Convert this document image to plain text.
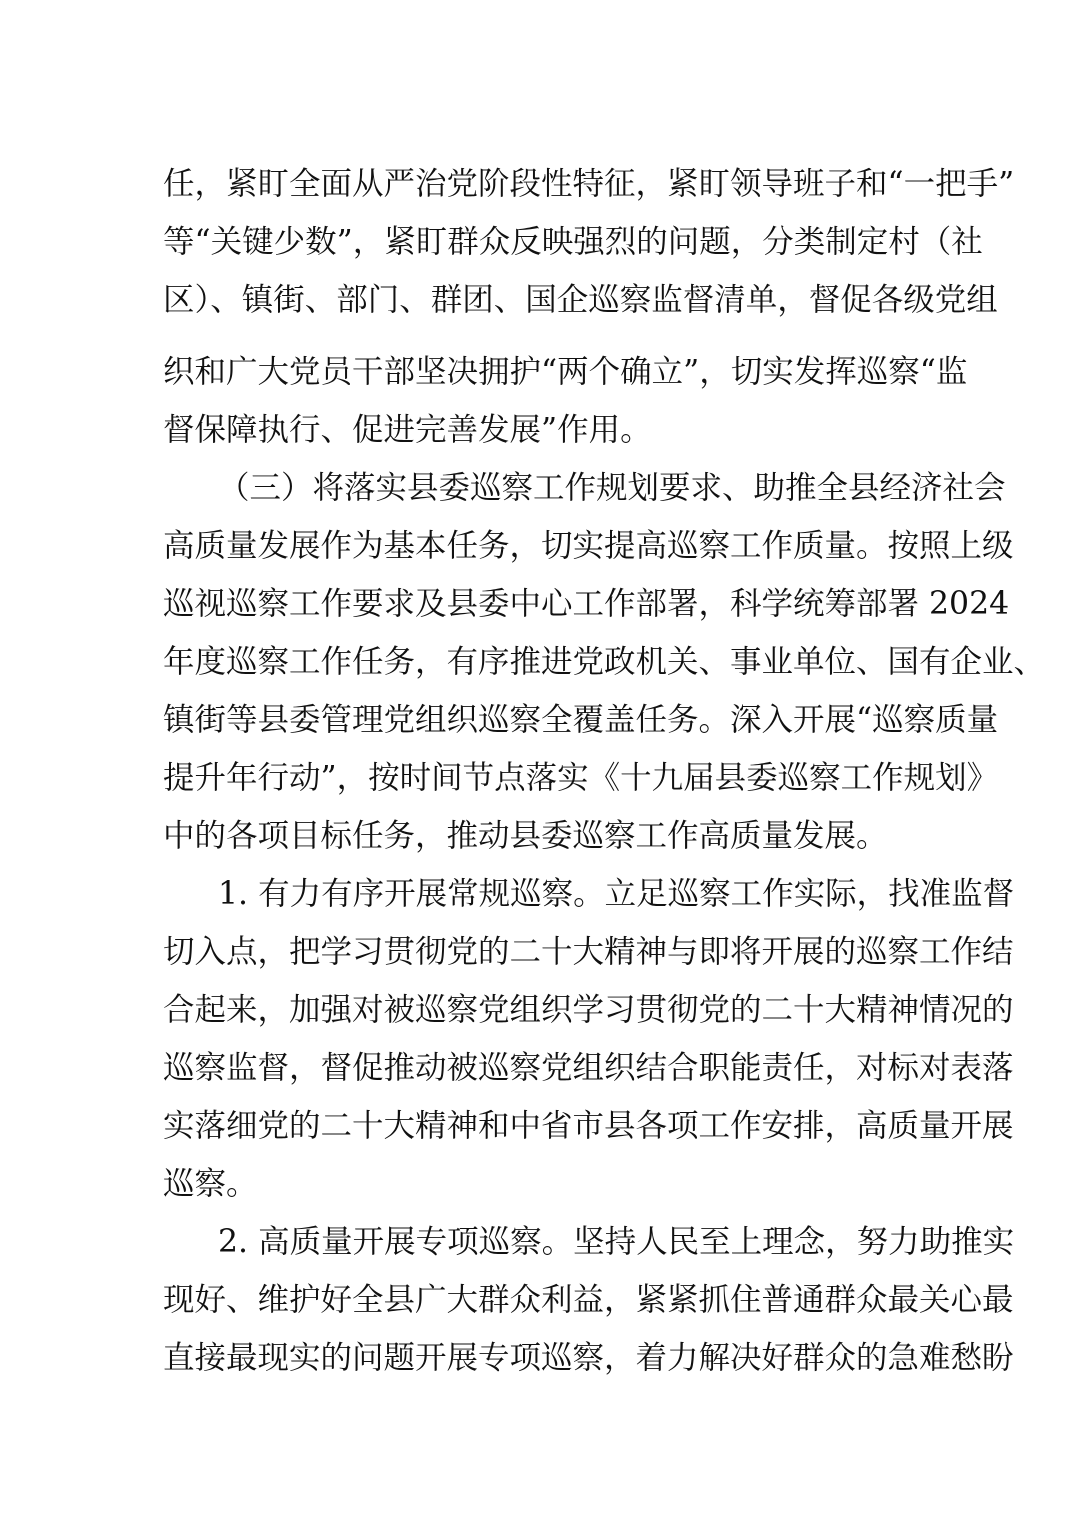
任，紧盯全面从严治党阶段性特征，紧盯领导班子和“一把手”
等“关键少数”，紧盯群众反映强烈的问题，分类制定村（社
区）、镇街、部门、群团、国企巡察监督清单，督促各级党组
织和广大党员干部坚决拥护“两个确立”，切实发挥巡察“监
督保障执行、促进完善发展”作用。
（三）将落实县委巡察工作规划要求、助推全县经济社会
高质量发展作为基本任务，切实提高巡察工作质量。按照上级
巡视巡察工作要求及县委中心工作部署，科学统筹部署 2024
年度巡察工作任务，有序推进党政机关、事业单位、国有企业、
镇街等县委管理党组织巡察全覆盖任务。深入开展“巡察质量
提升年行动”，按时间节点落实《十九届县委巡察工作规划》
中的各项目标任务，推动县委巡察工作高质量发展。
1. 有力有序开展常规巡察。立足巡察工作实际，找准监督
切入点，把学习贯彻党的二十大精神与即将开展的巡察工作结
合起来，加强对被巡察党组织学习贯彻党的二十大精神情况的
巡察监督，督促推动被巡察党组织结合职能责任，对标对表落
实落细党的二十大精神和中省市县各项工作安排，高质量开展
巡察。
2. 高质量开展专项巡察。坚持人民至上理念，努力助推实
现好、维护好全县广大群众利益，紧紧抓住普通群众最关心最
直接最现实的问题开展专项巡察，着力解决好群众的急难愁盼
